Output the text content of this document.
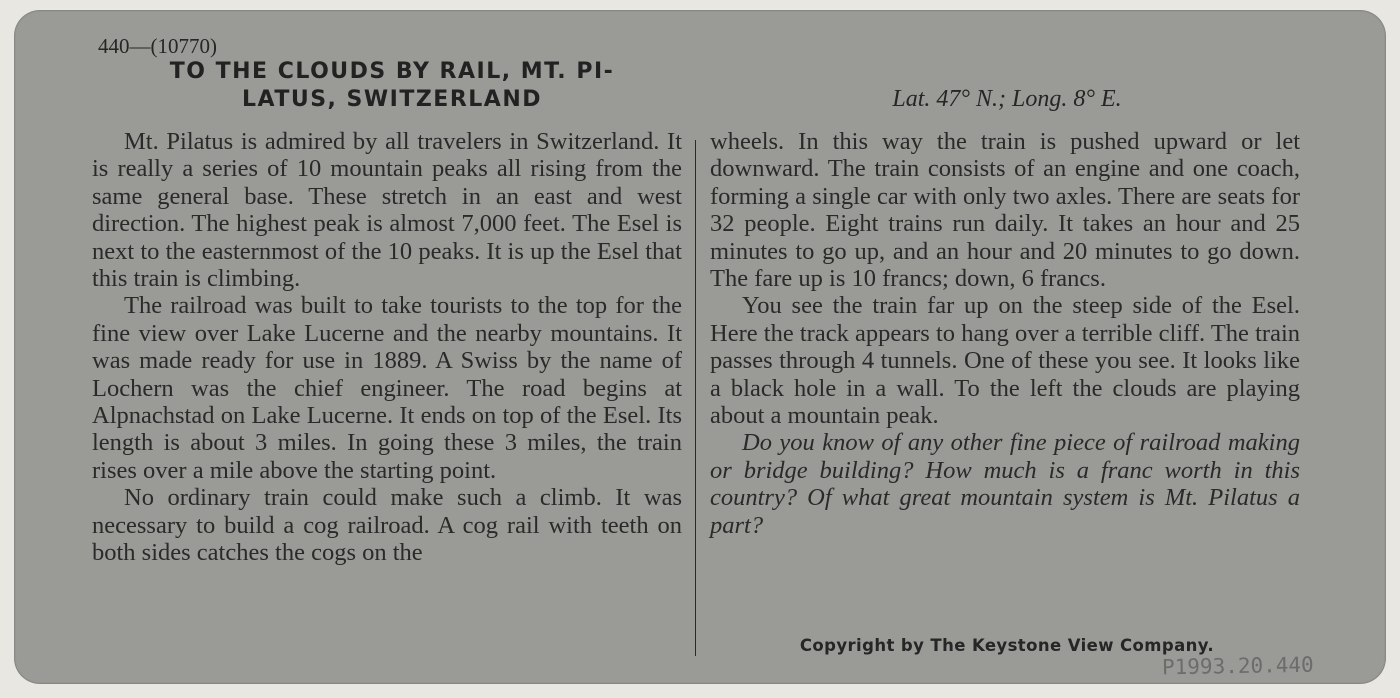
440—(10770)
TO THE CLOUDS BY RAIL, MT. PI-
LATUS, SWITZERLAND	Lat. 47° N.; Long. 8° E.

Mt. Pilatus is admired by all travelers in Switzerland. It is really a series of 10 mountain peaks all rising from the same general base. These stretch in an east and west direction. The highest peak is almost 7,000 feet. The Esel is next to the easternmost of the 10 peaks. It is up the Esel that this train is climbing.

The railroad was built to take tourists to the top for the fine view over Lake Lucerne and the nearby mountains. It was made ready for use in 1889. A Swiss by the name of Lochern was the chief engineer. The road begins at Alpnachstad on Lake Lucerne. It ends on top of the Esel. Its length is about 3 miles. In going these 3 miles, the train rises over a mile above the starting point.

No ordinary train could make such a climb. It was necessary to build a cog railroad. A cog rail with teeth on both sides catches the cogs on the

wheels. In this way the train is pushed upward or let downward. The train consists of an engine and one coach, forming a single car with only two axles. There are seats for 32 people. Eight trains run daily. It takes an hour and 25 minutes to go up, and an hour and 20 minutes to go down. The fare up is 10 francs; down, 6 francs.

You see the train far up on the steep side of the Esel. Here the track appears to hang over a terrible cliff. The train passes through 4 tunnels. One of these you see. It looks like a black hole in a wall. To the left the clouds are playing about a mountain peak.

Do you know of any other fine piece of railroad making or bridge building? How much is a franc worth in this country? Of what great mountain system is Mt. Pilatus a part?

Copyright by The Keystone View Company.
P1993.20.440
